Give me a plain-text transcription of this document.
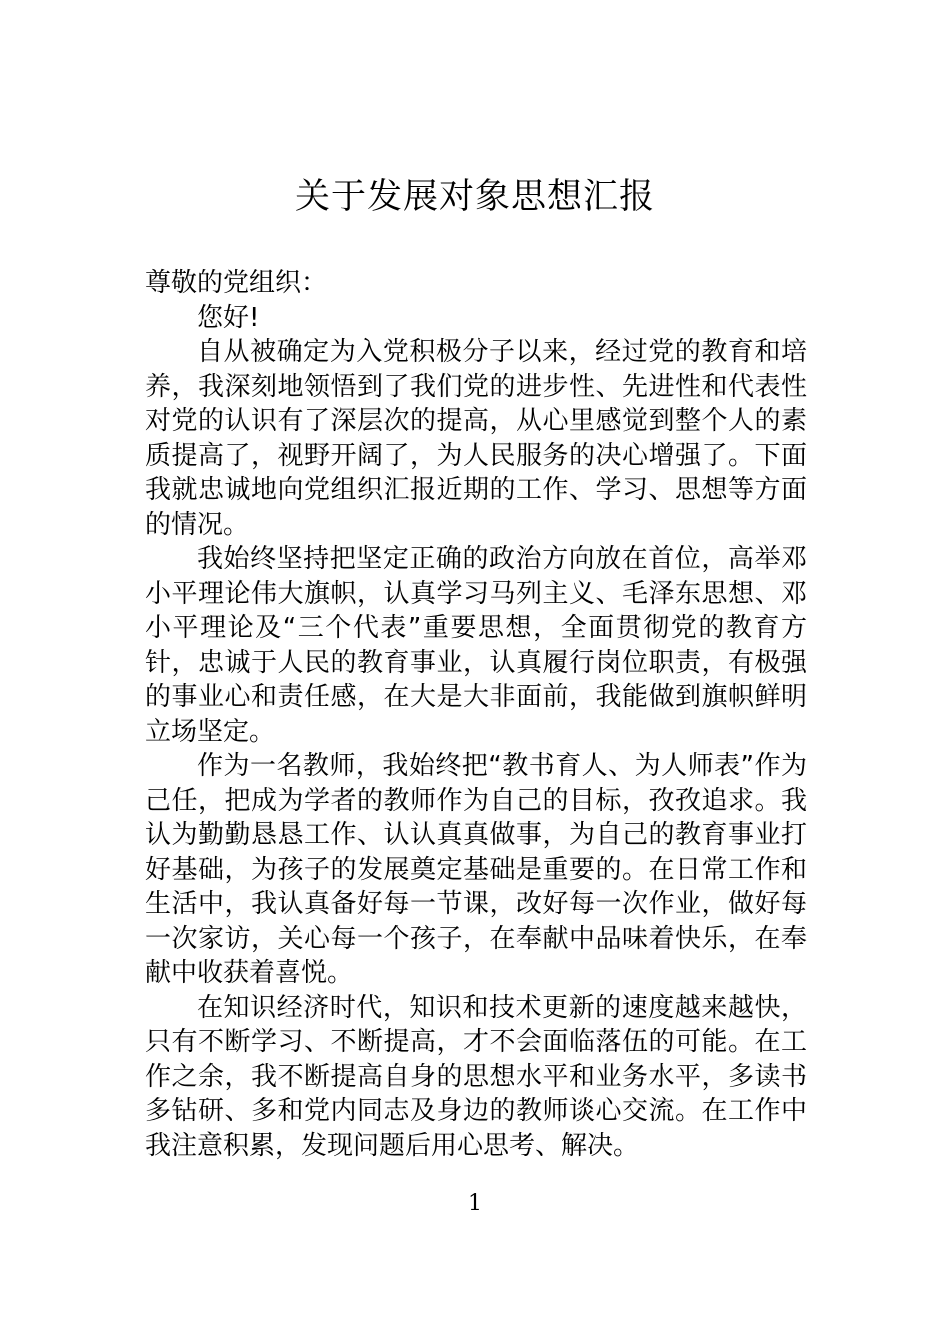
关于发展对象思想汇报

尊敬的党组织：

您好!

自从被确定为入党积极分子以来，经过党的教育和培养，我深刻地领悟到了我们党的进步性、先进性和代表性对党的认识有了深层次的提高，从心里感觉到整个人的素质提高了，视野开阔了，为人民服务的决心增强了。下面我就忠诚地向党组织汇报近期的工作、学习、思想等方面的情况。

我始终坚持把坚定正确的政治方向放在首位，高举邓小平理论伟大旗帜，认真学习马列主义、毛泽东思想、邓小平理论及“三个代表”重要思想，全面贯彻党的教育方针，忠诚于人民的教育事业，认真履行岗位职责，有极强的事业心和责任感，在大是大非面前，我能做到旗帜鲜明立场坚定。

作为一名教师，我始终把“教书育人、为人师表”作为己任，把成为学者的教师作为自己的目标，孜孜追求。我认为勤勤恳恳工作、认认真真做事，为自己的教育事业打好基础，为孩子的发展奠定基础是重要的。在日常工作和生活中，我认真备好每一节课，改好每一次作业，做好每一次家访，关心每一个孩子，在奉献中品味着快乐，在奉献中收获着喜悦。

在知识经济时代，知识和技术更新的速度越来越快，只有不断学习、不断提高，才不会面临落伍的可能。在工作之余，我不断提高自身的思想水平和业务水平，多读书多钻研、多和党内同志及身边的教师谈心交流。在工作中我注意积累，发现问题后用心思考、解决。

1
